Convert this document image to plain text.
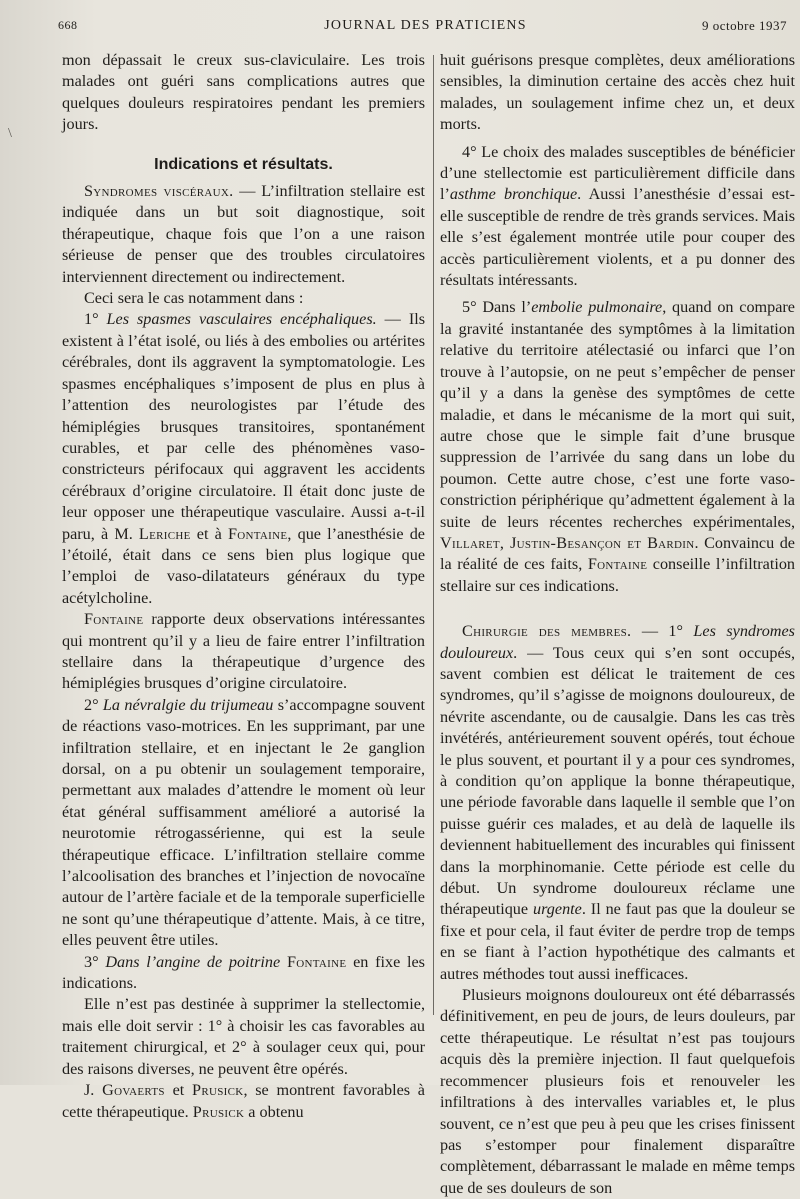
668	JOURNAL DES PRATICIENS	9 octobre 1937
\

mon dépassait le creux sus-claviculaire. Les trois malades ont guéri sans complications autres que quelques douleurs respiratoires pendant les premiers jours.

Indications et résultats.

Syndromes viscéraux. — L’infiltration stellaire est indiquée dans un but soit diagnostique, soit thérapeutique, chaque fois que l’on a une raison sérieuse de penser que des troubles circulatoires interviennent directement ou indirectement.

Ceci sera le cas notamment dans :

1° Les spasmes vasculaires encéphaliques. — Ils existent à l’état isolé, ou liés à des embolies ou artérites cérébrales, dont ils aggravent la symptomatologie. Les spasmes encéphaliques s’imposent de plus en plus à l’attention des neurologistes par l’étude des hémiplégies brusques transitoires, spontanément curables, et par celle des phénomènes vaso-constricteurs périfocaux qui aggravent les accidents cérébraux d’origine circulatoire. Il était donc juste de leur opposer une thérapeutique vasculaire. Aussi a-t-il paru, à M. Leriche et à Fontaine, que l’anesthésie de l’étoilé, était dans ce sens bien plus logique que l’emploi de vaso-dilatateurs généraux du type acétylcholine.

Fontaine rapporte deux observations intéressantes qui montrent qu’il y a lieu de faire entrer l’infiltration stellaire dans la thérapeutique d’urgence des hémiplégies brusques d’origine circulatoire.

2° La névralgie du trijumeau s’accompagne souvent de réactions vaso-motrices. En les supprimant, par une infiltration stellaire, et en injectant le 2e ganglion dorsal, on a pu obtenir un soulagement temporaire, permettant aux malades d’attendre le moment où leur état général suffisamment amélioré a autorisé la neurotomie rétrogassérienne, qui est la seule thérapeutique efficace. L’infiltration stellaire comme l’alcoolisation des branches et l’injection de novocaïne autour de l’artère faciale et de la temporale superficielle ne sont qu’une thérapeutique d’attente. Mais, à ce titre, elles peuvent être utiles.

3° Dans l’angine de poitrine Fontaine en fixe les indications.

Elle n’est pas destinée à supprimer la stellectomie, mais elle doit servir : 1° à choisir les cas favorables au traitement chirurgical, et 2° à soulager ceux qui, pour des raisons diverses, ne peuvent être opérés.

J. Govaerts et Prusick, se montrent favorables à cette thérapeutique. Prusick a obtenu

huit guérisons presque complètes, deux améliorations sensibles, la diminution certaine des accès chez huit malades, un soulagement infime chez un, et deux morts.

4° Le choix des malades susceptibles de bénéficier d’une stellectomie est particulièrement difficile dans l’asthme bronchique. Aussi l’anesthésie d’essai est-elle susceptible de rendre de très grands services. Mais elle s’est également montrée utile pour couper des accès particulièrement violents, et a pu donner des résultats intéressants.

5° Dans l’embolie pulmonaire, quand on compare la gravité instantanée des symptômes à la limitation relative du territoire atélectasié ou infarci que l’on trouve à l’autopsie, on ne peut s’empêcher de penser qu’il y a dans la genèse des symptômes de cette maladie, et dans le mécanisme de la mort qui suit, autre chose que le simple fait d’une brusque suppression de l’arrivée du sang dans un lobe du poumon. Cette autre chose, c’est une forte vaso-constriction périphérique qu’admettent également à la suite de leurs récentes recherches expérimentales, Villaret, Justin-Besançon et Bardin. Convaincu de la réalité de ces faits, Fontaine conseille l’infiltration stellaire sur ces indications.

Chirurgie des membres. — 1° Les syndromes douloureux. — Tous ceux qui s’en sont occupés, savent combien est délicat le traitement de ces syndromes, qu’il s’agisse de moignons douloureux, de névrite ascendante, ou de causalgie. Dans les cas très invétérés, antérieurement souvent opérés, tout échoue le plus souvent, et pourtant il y a pour ces syndromes, à condition qu’on applique la bonne thérapeutique, une période favorable dans laquelle il semble que l’on puisse guérir ces malades, et au delà de laquelle ils deviennent habituellement des incurables qui finissent dans la morphinomanie. Cette période est celle du début. Un syndrome douloureux réclame une thérapeutique urgente. Il ne faut pas que la douleur se fixe et pour cela, il faut éviter de perdre trop de temps en se fiant à l’action hypothétique des calmants et autres méthodes tout aussi inefficaces.

Plusieurs moignons douloureux ont été débarrassés définitivement, en peu de jours, de leurs douleurs, par cette thérapeutique. Le résultat n’est pas toujours acquis dès la première injection. Il faut quelquefois recommencer plusieurs fois et renouveler les infiltrations à des intervalles variables et, le plus souvent, ce n’est que peu à peu que les crises finissent pas s’estomper pour finalement disparaître complètement, débarrassant le malade en même temps que de ses douleurs de son
